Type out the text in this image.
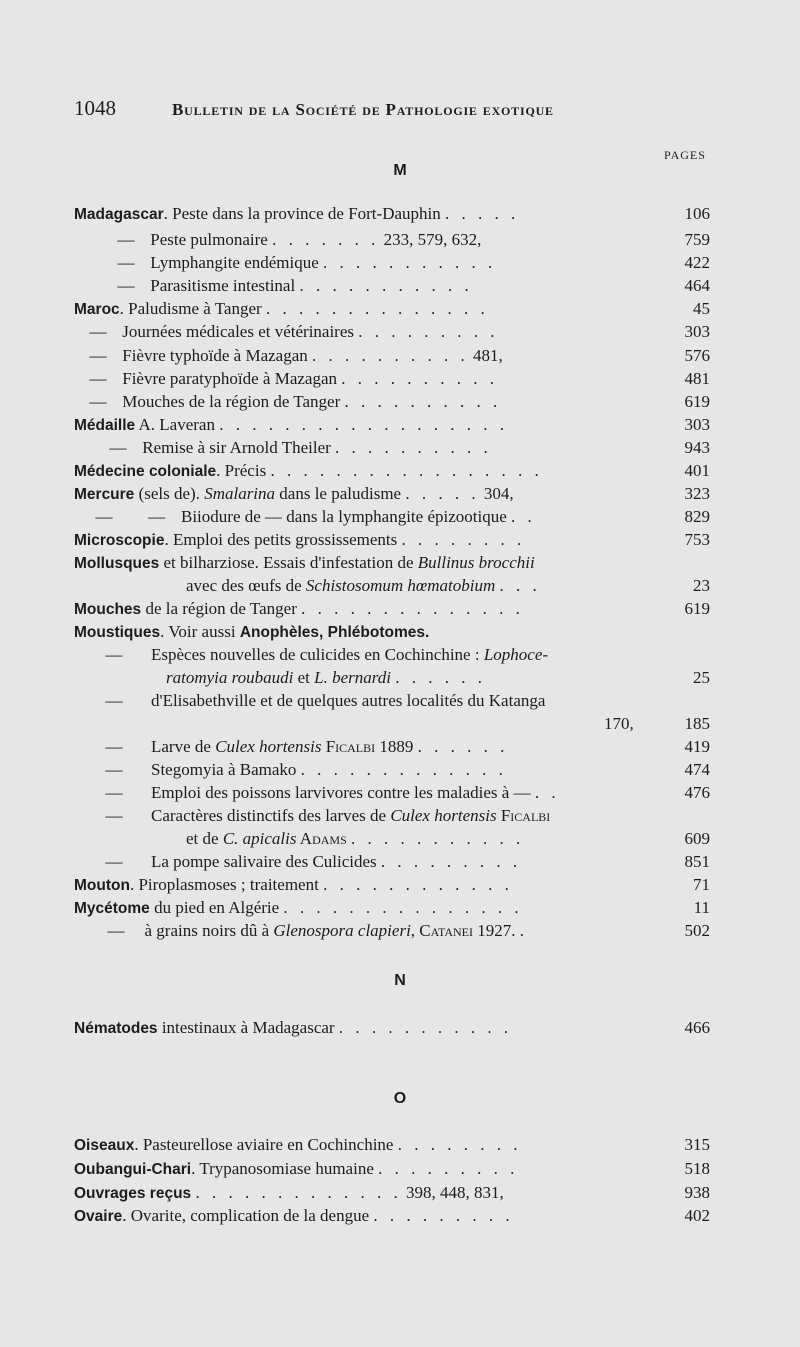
1048	Bulletin de la Société de Pathologie exotique
PAGES
M
N
O
Madagascar. Peste dans la province de Fort-Dauphin . . . . .	106
— Peste pulmonaire . . . . . . . 233, 579, 632,	759
— Lymphangite endémique . . . . . . . . . . .	422
— Parasitisme intestinal . . . . . . . . . . .	464
Maroc. Paludisme à Tanger . . . . . . . . . . . . . .	45
— Journées médicales et vétérinaires . . . . . . . . .	303
— Fièvre typhoïde à Mazagan . . . . . . . . . . 481,	576
— Fièvre paratyphoïde à Mazagan . . . . . . . . . .	481
— Mouches de la région de Tanger . . . . . . . . . .	619
Médaille A. Laveran . . . . . . . . . . . . . . . . . .	303
— Remise à sir Arnold Theiler . . . . . . . . . .	943
Médecine coloniale. Précis . . . . . . . . . . . . . . . . .	401
Mercure (sels de). Smalarina dans le paludisme . . . . . 304,	323
— — Biiodure de — dans la lymphangite épizootique . .	829
Microscopie. Emploi des petits grossissements . . . . . . . .	753
Mollusques et bilharziose. Essais d'infestation de Bullinus brocchii
avec des œufs de Schistosomum hœmatobium . . .	23
Mouches de la région de Tanger . . . . . . . . . . . . . .	619
Moustiques. Voir aussi Anophèles, Phlébotomes.
— Espèces nouvelles de culicides en Cochinchine : Lophoce-
ratomyia roubaudi et L. bernardi . . . . . .	25
— d'Elisabethville et de quelques autres localités du Katanga
170,	185
— Larve de Culex hortensis Ficalbi 1889 . . . . . .	419
— Stegomyia à Bamako . . . . . . . . . . . . .	474
— Emploi des poissons larvivores contre les maladies à — . .	476
— Caractères distinctifs des larves de Culex hortensis Ficalbi
et de C. apicalis Adams . . . . . . . . . . .	609
— La pompe salivaire des Culicides . . . . . . . . .	851
Mouton. Piroplasmoses ; traitement . . . . . . . . . . . .	71
Mycétome du pied en Algérie . . . . . . . . . . . . . . .	11
— à grains noirs dû à Glenospora clapieri, Catanei 1927. .	502
Nématodes intestinaux à Madagascar . . . . . . . . . . .	466
Oiseaux. Pasteurellose aviaire en Cochinchine . . . . . . . .	315
Oubangui-Chari. Trypanosomiase humaine . . . . . . . . .	518
Ouvrages reçus . . . . . . . . . . . . . 398, 448, 831,	938
Ovaire. Ovarite, complication de la dengue . . . . . . . . .	402
